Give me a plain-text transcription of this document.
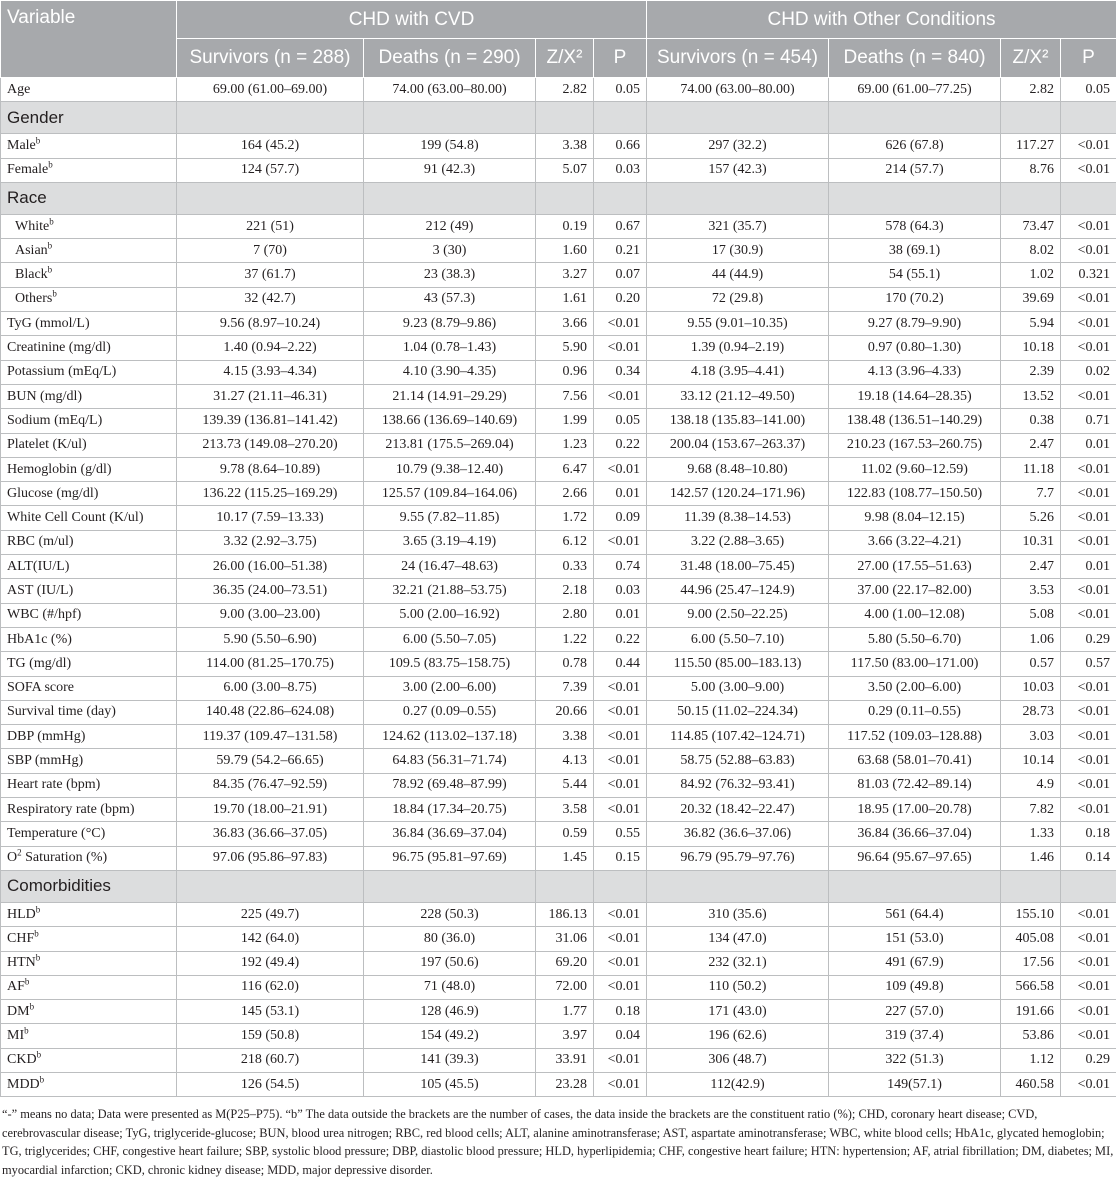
Variable	CHD with CVD				CHD with Other Conditions			
	Survivors (n = 288)	Deaths (n = 290)	Z/X²	P	Survivors (n = 454)	Deaths (n = 840)	Z/X²	P
Age	69.00 (61.00–69.00)	74.00 (63.00–80.00)	2.82	0.05	74.00 (63.00–80.00)	69.00 (61.00–77.25)	2.82	0.05
Gender								
Male$^b$	164 (45.2)	199 (54.8)	3.38	0.66	297 (32.2)	626 (67.8)	117.27	<0.01
Female$^b$	124 (57.7)	91 (42.3)	5.07	0.03	157 (42.3)	214 (57.7)	8.76	<0.01
Race								
White$^b$	221 (51)	212 (49)	0.19	0.67	321 (35.7)	578 (64.3)	73.47	<0.01
Asian$^b$	7 (70)	3 (30)	1.60	0.21	17 (30.9)	38 (69.1)	8.02	<0.01
Black$^b$	37 (61.7)	23 (38.3)	3.27	0.07	44 (44.9)	54 (55.1)	1.02	0.321
Others$^b$	32 (42.7)	43 (57.3)	1.61	0.20	72 (29.8)	170 (70.2)	39.69	<0.01
TyG (mmol/L)	9.56 (8.97–10.24)	9.23 (8.79–9.86)	3.66	<0.01	9.55 (9.01–10.35)	9.27 (8.79–9.90)	5.94	<0.01
Creatinine (mg/dl)	1.40 (0.94–2.22)	1.04 (0.78–1.43)	5.90	<0.01	1.39 (0.94–2.19)	0.97 (0.80–1.30)	10.18	<0.01
Potassium (mEq/L)	4.15 (3.93–4.34)	4.10 (3.90–4.35)	0.96	0.34	4.18 (3.95–4.41)	4.13 (3.96–4.33)	2.39	0.02
BUN (mg/dl)	31.27 (21.11–46.31)	21.14 (14.91–29.29)	7.56	<0.01	33.12 (21.12–49.50)	19.18 (14.64–28.35)	13.52	<0.01
Sodium (mEq/L)	139.39 (136.81–141.42)	138.66 (136.69–140.69)	1.99	0.05	138.18 (135.83–141.00)	138.48 (136.51–140.29)	0.38	0.71
Platelet (K/ul)	213.73 (149.08–270.20)	213.81 (175.5–269.04)	1.23	0.22	200.04 (153.67–263.37)	210.23 (167.53–260.75)	2.47	0.01
Hemoglobin (g/dl)	9.78 (8.64–10.89)	10.79 (9.38–12.40)	6.47	<0.01	9.68 (8.48–10.80)	11.02 (9.60–12.59)	11.18	<0.01
Glucose (mg/dl)	136.22 (115.25–169.29)	125.57 (109.84–164.06)	2.66	0.01	142.57 (120.24–171.96)	122.83 (108.77–150.50)	7.7	<0.01
White Cell Count (K/ul)	10.17 (7.59–13.33)	9.55 (7.82–11.85)	1.72	0.09	11.39 (8.38–14.53)	9.98 (8.04–12.15)	5.26	<0.01
RBC (m/ul)	3.32 (2.92–3.75)	3.65 (3.19–4.19)	6.12	<0.01	3.22 (2.88–3.65)	3.66 (3.22–4.21)	10.31	<0.01
ALT(IU/L)	26.00 (16.00–51.38)	24 (16.47–48.63)	0.33	0.74	31.48 (18.00–75.45)	27.00 (17.55–51.63)	2.47	0.01
AST (IU/L)	36.35 (24.00–73.51)	32.21 (21.88–53.75)	2.18	0.03	44.96 (25.47–124.9)	37.00 (22.17–82.00)	3.53	<0.01
WBC (#/hpf)	9.00 (3.00–23.00)	5.00 (2.00–16.92)	2.80	0.01	9.00 (2.50–22.25)	4.00 (1.00–12.08)	5.08	<0.01
HbA1c (%)	5.90 (5.50–6.90)	6.00 (5.50–7.05)	1.22	0.22	6.00 (5.50–7.10)	5.80 (5.50–6.70)	1.06	0.29
TG (mg/dl)	114.00 (81.25–170.75)	109.5 (83.75–158.75)	0.78	0.44	115.50 (85.00–183.13)	117.50 (83.00–171.00)	0.57	0.57
SOFA score	6.00 (3.00–8.75)	3.00 (2.00–6.00)	7.39	<0.01	5.00 (3.00–9.00)	3.50 (2.00–6.00)	10.03	<0.01
Survival time (day)	140.48 (22.86–624.08)	0.27 (0.09–0.55)	20.66	<0.01	50.15 (11.02–224.34)	0.29 (0.11–0.55)	28.73	<0.01
DBP (mmHg)	119.37 (109.47–131.58)	124.62 (113.02–137.18)	3.38	<0.01	114.85 (107.42–124.71)	117.52 (109.03–128.88)	3.03	<0.01
SBP (mmHg)	59.79 (54.2–66.65)	64.83 (56.31–71.74)	4.13	<0.01	58.75 (52.88–63.83)	63.68 (58.01–70.41)	10.14	<0.01
Heart rate (bpm)	84.35 (76.47–92.59)	78.92 (69.48–87.99)	5.44	<0.01	84.92 (76.32–93.41)	81.03 (72.42–89.14)	4.9	<0.01
Respiratory rate (bpm)	19.70 (18.00–21.91)	18.84 (17.34–20.75)	3.58	<0.01	20.32 (18.42–22.47)	18.95 (17.00–20.78)	7.82	<0.01
Temperature (°C)	36.83 (36.66–37.05)	36.84 (36.69–37.04)	0.59	0.55	36.82 (36.6–37.06)	36.84 (36.66–37.04)	1.33	0.18
$O^2$ Saturation (%)	97.06 (95.86–97.83)	96.75 (95.81–97.69)	1.45	0.15	96.79 (95.79–97.76)	96.64 (95.67–97.65)	1.46	0.14
Comorbidities								
HLD$^b$	225 (49.7)	228 (50.3)	186.13	<0.01	310 (35.6)	561 (64.4)	155.10	<0.01
CHF$^b$	142 (64.0)	80 (36.0)	31.06	<0.01	134 (47.0)	151 (53.0)	405.08	<0.01
HTN$^b$	192 (49.4)	197 (50.6)	69.20	<0.01	232 (32.1)	491 (67.9)	17.56	<0.01
$AF^b$	116 (62.0)	71 (48.0)	72.00	<0.01	110 (50.2)	109 (49.8)	566.58	<0.01
$DM^b$	145 (53.1)	128 (46.9)	1.77	0.18	171 (43.0)	227 (57.0)	191.66	<0.01
$MI^b$	159 (50.8)	154 (49.2)	3.97	0.04	196 (62.6)	319 (37.4)	53.86	<0.01
CKD$^b$	218 (60.7)	141 (39.3)	33.91	<0.01	306 (48.7)	322 (51.3)	1.12	0.29
MDD$^b$	126 (54.5)	105 (45.5)	23.28	<0.01	112(42.9)	149(57.1)	460.58	<0.01

“-” means no data; Data were presented as M(P25–P75). “b” The data outside the brackets are the number of cases, the data inside the brackets are the constituent ratio (%); CHD, coronary heart disease; CVD, cerebrovascular disease; TyG, triglyceride-glucose; BUN, blood urea nitrogen; RBC, red blood cells; ALT, alanine aminotransferase; AST, aspartate aminotransferase; WBC, white blood cells; HbA1c, glycated hemoglobin; TG, triglycerides; CHF, congestive heart failure; SBP, systolic blood pressure; DBP, diastolic blood pressure; HLD, hyperlipidemia; CHF, congestive heart failure; HTN: hypertension; AF, atrial fibrillation; DM, diabetes; MI, myocardial infarction; CKD, chronic kidney disease; MDD, major depressive disorder.
